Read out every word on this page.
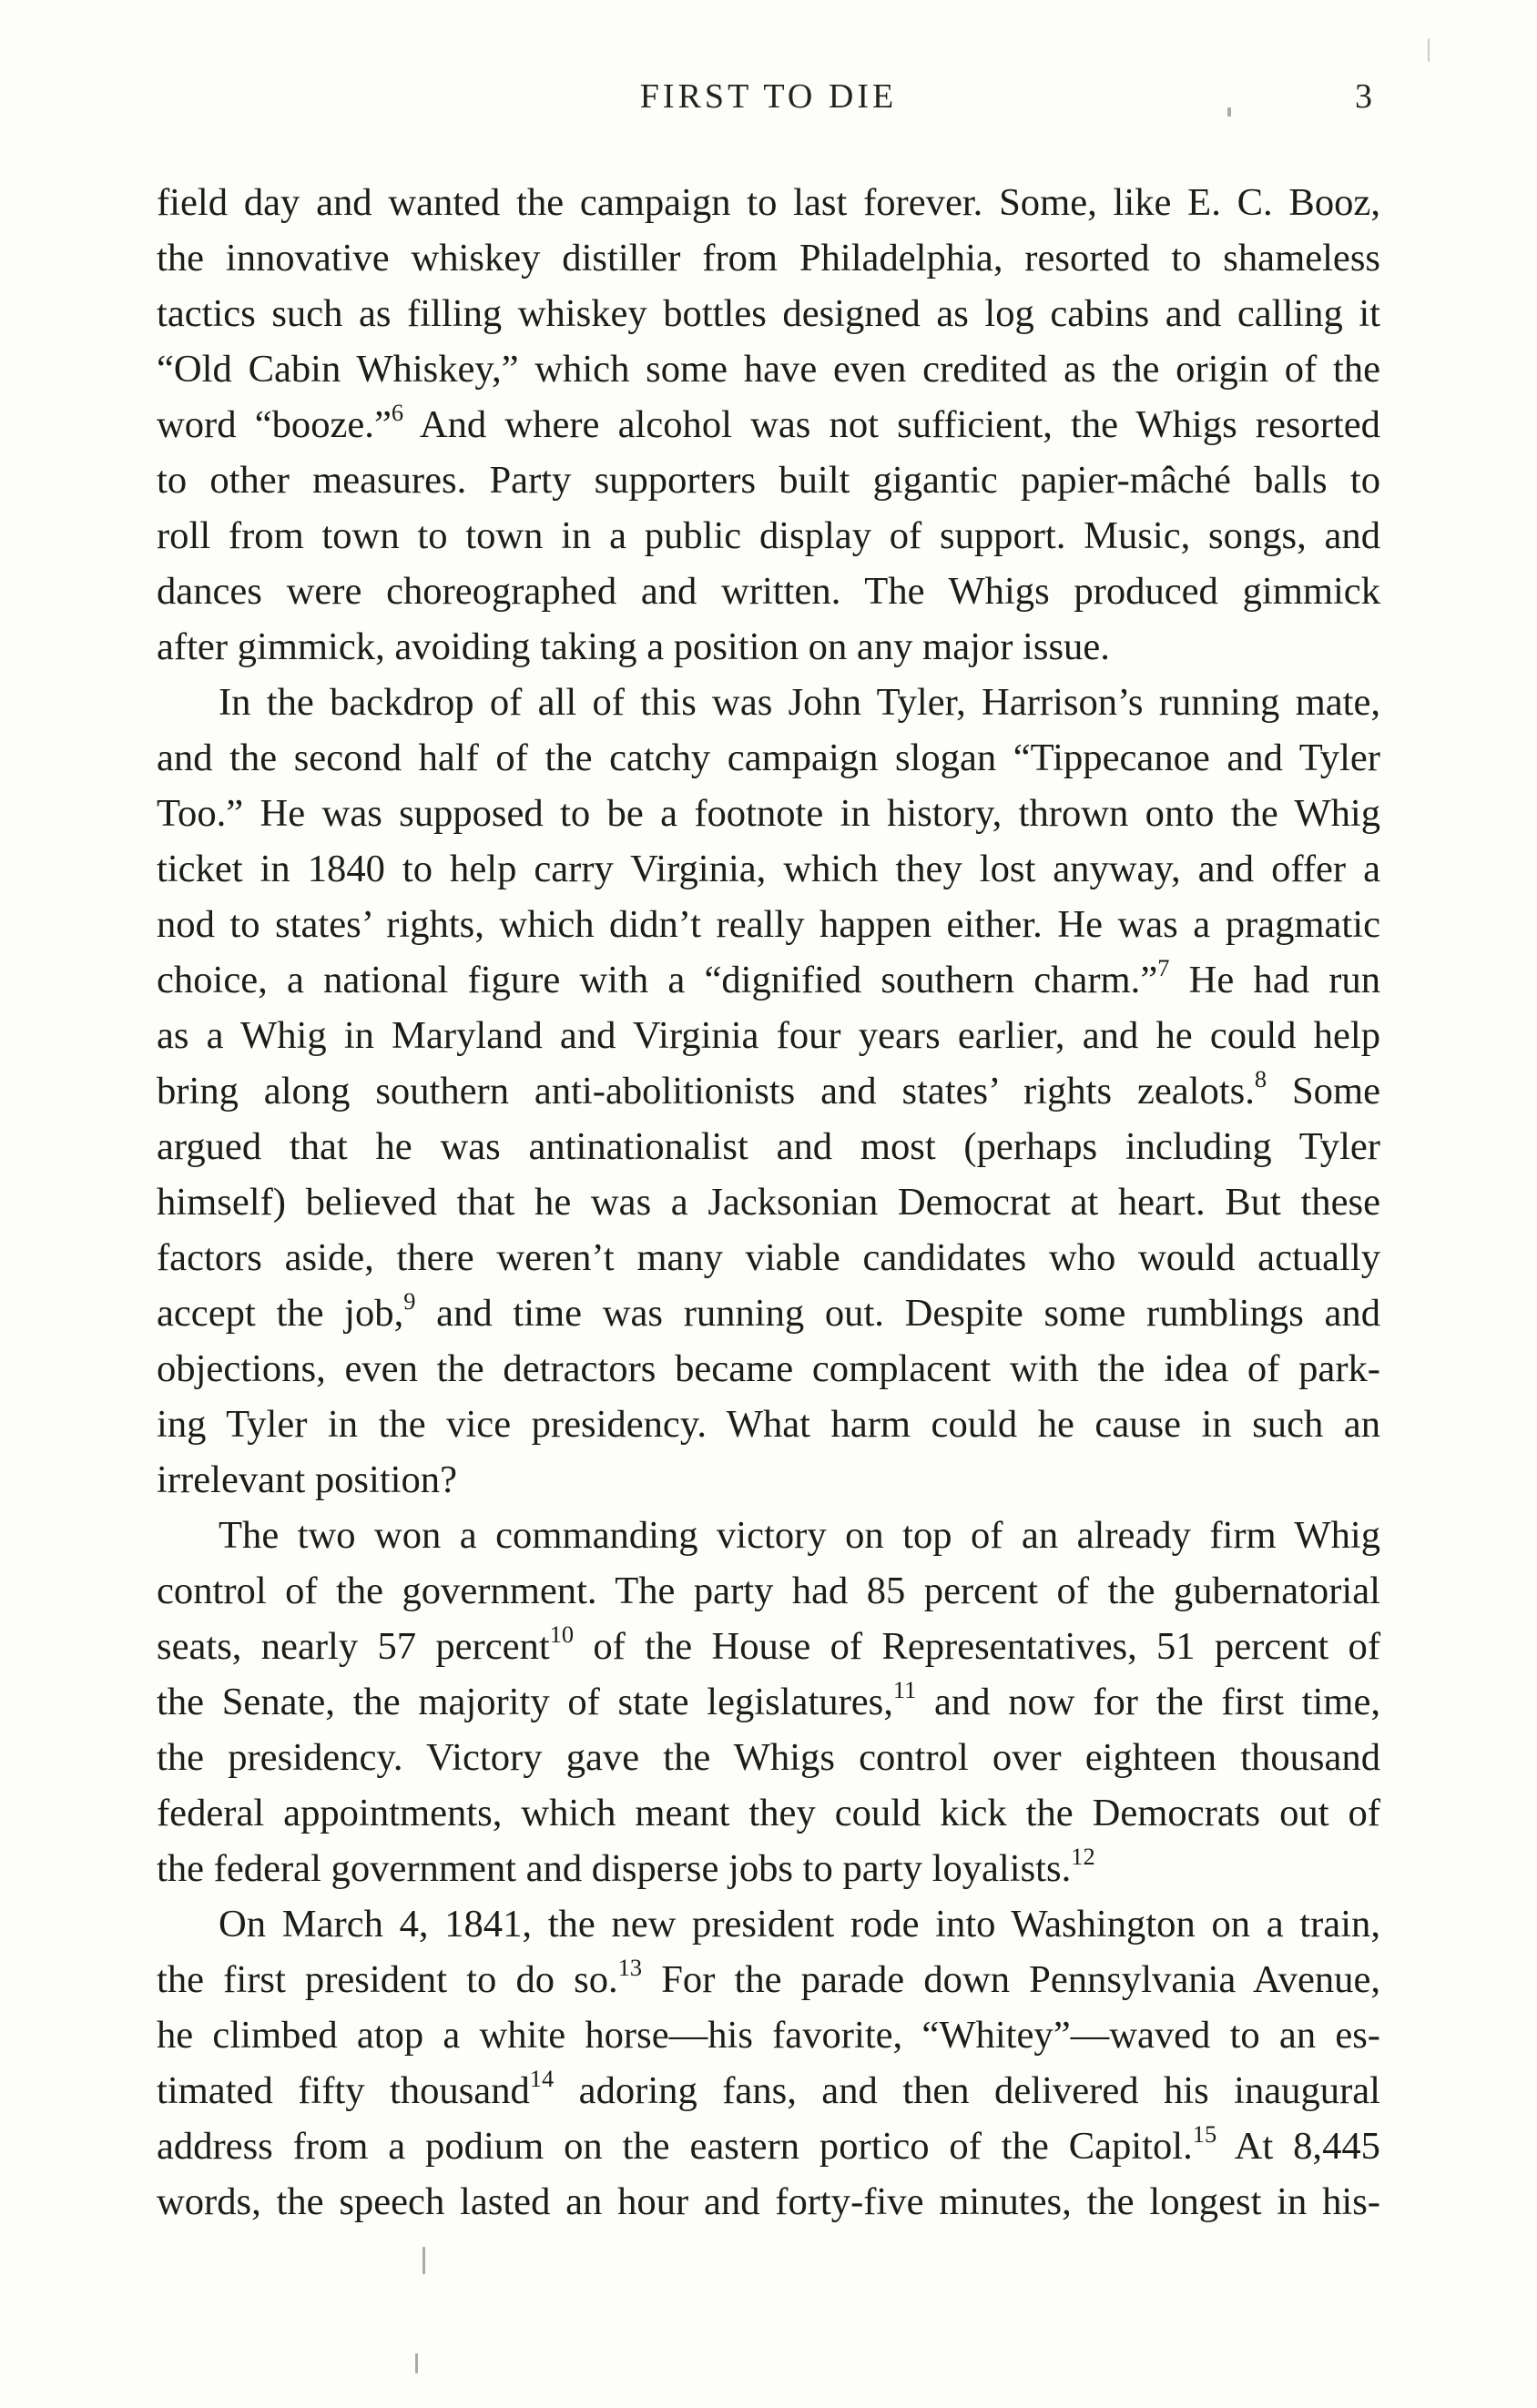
FIRST TO DIE	3

field day and wanted the campaign to last forever. Some, like E. C. Booz,

the innovative whiskey distiller from Philadelphia, resorted to shameless

tactics such as filling whiskey bottles designed as log cabins and calling it

“Old Cabin Whiskey,” which some have even credited as the origin of the

word “booze.”$^6$ And where alcohol was not sufficient, the Whigs resorted

to other measures. Party supporters built gigantic papier-mâché balls to

roll from town to town in a public display of support. Music, songs, and

dances were choreographed and written. The Whigs produced gimmick

after gimmick, avoiding taking a position on any major issue.

In the backdrop of all of this was John Tyler, Harrison’s running mate,

and the second half of the catchy campaign slogan “Tippecanoe and Tyler

Too.” He was supposed to be a footnote in history, thrown onto the Whig

ticket in 1840 to help carry Virginia, which they lost anyway, and offer a

nod to states’ rights, which didn’t really happen either. He was a pragmatic

choice, a national figure with a “dignified southern charm.”$^7$ He had run

as a Whig in Maryland and Virginia four years earlier, and he could help

bring along southern anti-abolitionists and states’ rights zealots.$^8$ Some

argued that he was antinationalist and most (perhaps including Tyler

himself) believed that he was a Jacksonian Democrat at heart. But these

factors aside, there weren’t many viable candidates who would actually

accept the job,$^9$ and time was running out. Despite some rumblings and

objections, even the detractors became complacent with the idea of park-

ing Tyler in the vice presidency. What harm could he cause in such an

irrelevant position?

The two won a commanding victory on top of an already firm Whig

control of the government. The party had 85 percent of the gubernatorial

seats, nearly 57 percent$^{10}$ of the House of Representatives, 51 percent of

the Senate, the majority of state legislatures,$^{11}$ and now for the first time,

the presidency. Victory gave the Whigs control over eighteen thousand

federal appointments, which meant they could kick the Democrats out of

the federal government and disperse jobs to party loyalists.$^{12}$

On March 4, 1841, the new president rode into Washington on a train,

the first president to do so.$^{13}$ For the parade down Pennsylvania Avenue,

he climbed atop a white horse—his favorite, “Whitey”—waved to an es-

timated fifty thousand$^{14}$ adoring fans, and then delivered his inaugural

address from a podium on the eastern portico of the Capitol.$^{15}$ At 8,445

words, the speech lasted an hour and forty-five minutes, the longest in his-
